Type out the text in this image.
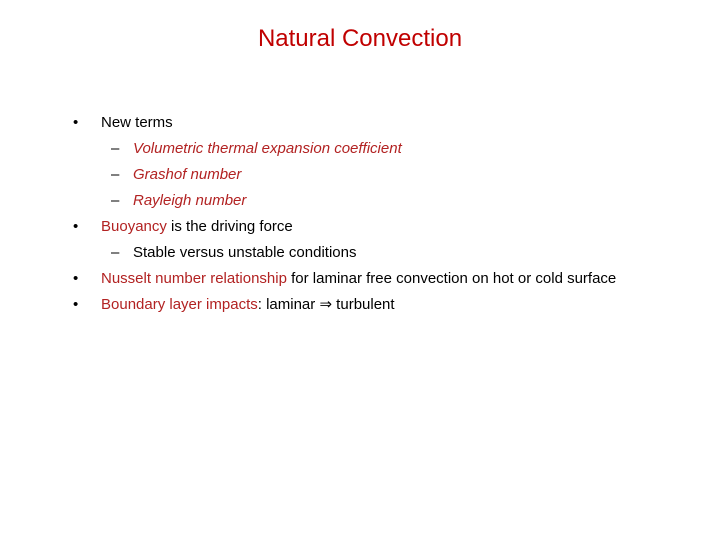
Natural Convection
• New terms
– Volumetric thermal expansion coefficient
– Grashof number
– Rayleigh number
• Buoyancy is the driving force
– Stable versus unstable conditions
• Nusselt number relationship for laminar free convection on hot or cold surface
• Boundary layer impacts: laminar ⇒ turbulent
